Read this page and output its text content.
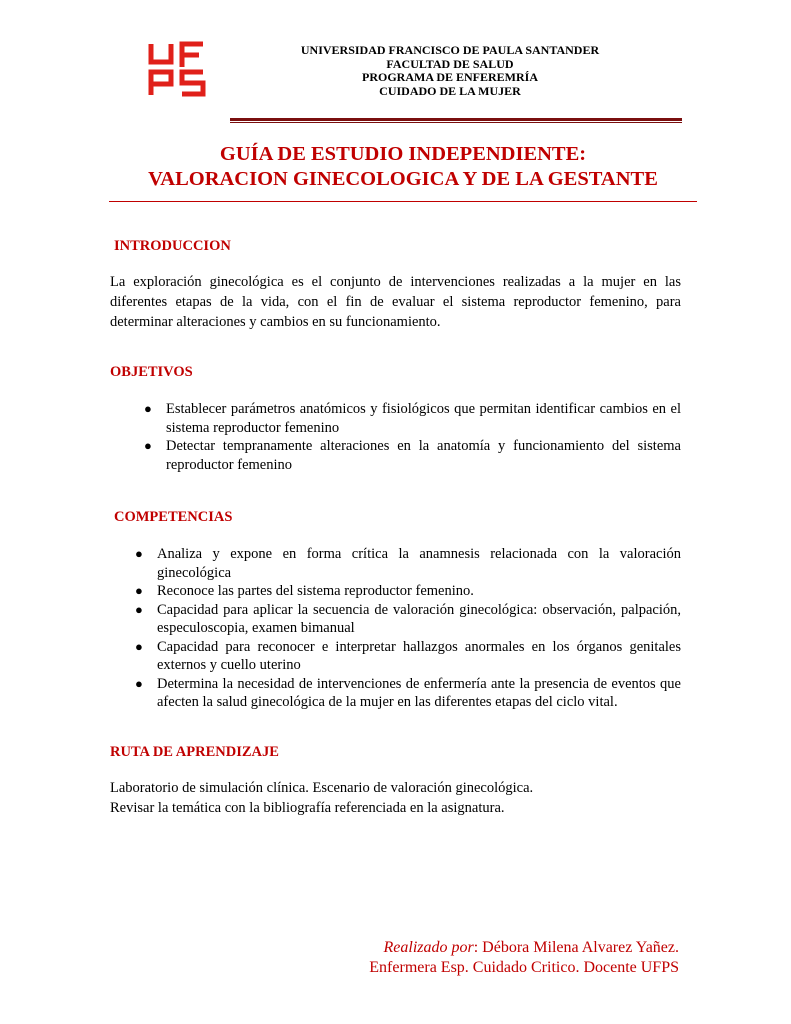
UNIVERSIDAD FRANCISCO DE PAULA SANTANDER
FACULTAD DE SALUD
PROGRAMA DE ENFEREMRÍA
CUIDADO DE LA MUJER
GUÍA DE ESTUDIO INDEPENDIENTE:
VALORACION GINECOLOGICA Y DE LA GESTANTE
INTRODUCCION
La exploración ginecológica es el conjunto de intervenciones realizadas a la mujer en las diferentes etapas de la vida, con el fin de evaluar el sistema reproductor femenino, para determinar alteraciones y cambios en su funcionamiento.
OBJETIVOS
● Establecer parámetros anatómicos y fisiológicos que permitan identificar cambios en el sistema reproductor femenino
● Detectar tempranamente alteraciones en la anatomía y funcionamiento del sistema reproductor femenino
COMPETENCIAS
● Analiza y expone en forma crítica la anamnesis relacionada con la valoración ginecológica
● Reconoce las partes del sistema reproductor femenino.
● Capacidad para aplicar la secuencia de valoración ginecológica: observación, palpación, especuloscopia, examen bimanual
● Capacidad para reconocer e interpretar hallazgos anormales en los órganos genitales externos y cuello uterino
● Determina la necesidad de intervenciones de enfermería ante la presencia de eventos que afecten la salud ginecológica de la mujer en las diferentes etapas del ciclo vital.
RUTA DE APRENDIZAJE
Laboratorio de simulación clínica. Escenario de valoración ginecológica.
Revisar la temática con la bibliografía referenciada en la asignatura.
Realizado por: Débora Milena Alvarez Yañez.
Enfermera Esp. Cuidado Critico. Docente UFPS
